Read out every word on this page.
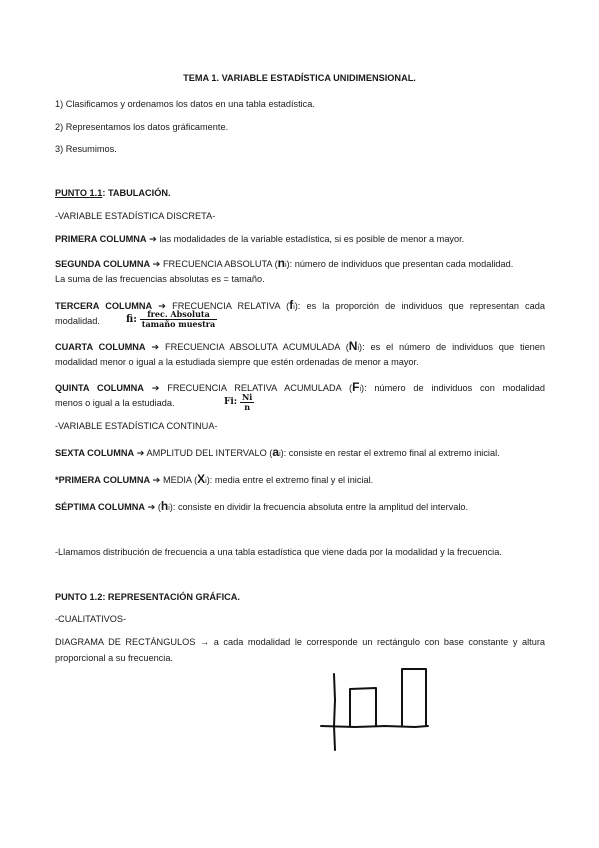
TEMA 1. VARIABLE ESTADÍSTICA UNIDIMENSIONAL.
1) Clasificamos y ordenamos los datos en una tabla estadística.
2) Representamos los datos gráficamente.
3) Resumimos.
PUNTO 1.1: TABULACIÓN.
-VARIABLE ESTADÍSTICA DISCRETA-
PRIMERA COLUMNA ➔ las modalidades de la variable estadística, si es posible de menor a mayor.
SEGUNDA COLUMNA ➔ FRECUENCIA ABSOLUTA (ni): número de individuos que presentan cada modalidad.
La suma de las frecuencias absolutas es = tamaño.
TERCERA COLUMNA ➔ FRECUENCIA RELATIVA (fi): es la proporción de individuos que representan cada
modalidad.	fi: $\frac{\text{frec. Absoluta}}{\text{tamaño muestra}}$
CUARTA COLUMNA ➔ FRECUENCIA ABSOLUTA ACUMULADA (Ni): es el número de individuos que tienen
modalidad menor o igual a la estudiada siempre que estén ordenadas de menor a mayor.
QUINTA COLUMNA ➔ FRECUENCIA RELATIVA ACUMULADA (Fi): número de individuos con modalidad
menos o igual a la estudiada.	Fi: $\frac{Ni}{n}$
-VARIABLE ESTADÍSTICA CONTINUA-
SEXTA COLUMNA ➔ AMPLITUD DEL INTERVALO (ai): consiste en restar el extremo final al extremo inicial.
*PRIMERA COLUMNA ➔ MEDIA (Xi): media entre el extremo final y el inicial.
SÉPTIMA COLUMNA ➔ (hi): consiste en dividir la frecuencia absoluta entre la amplitud del intervalo.
-Llamamos distribución de frecuencia a una tabla estadística que viene dada por la modalidad y la frecuencia.
PUNTO 1.2: REPRESENTACIÓN GRÁFICA.
-CUALITATIVOS-
DIAGRAMA DE RECTÁNGULOS → a cada modalidad le corresponde un rectángulo con base constante y altura
proporcional a su frecuencia.
